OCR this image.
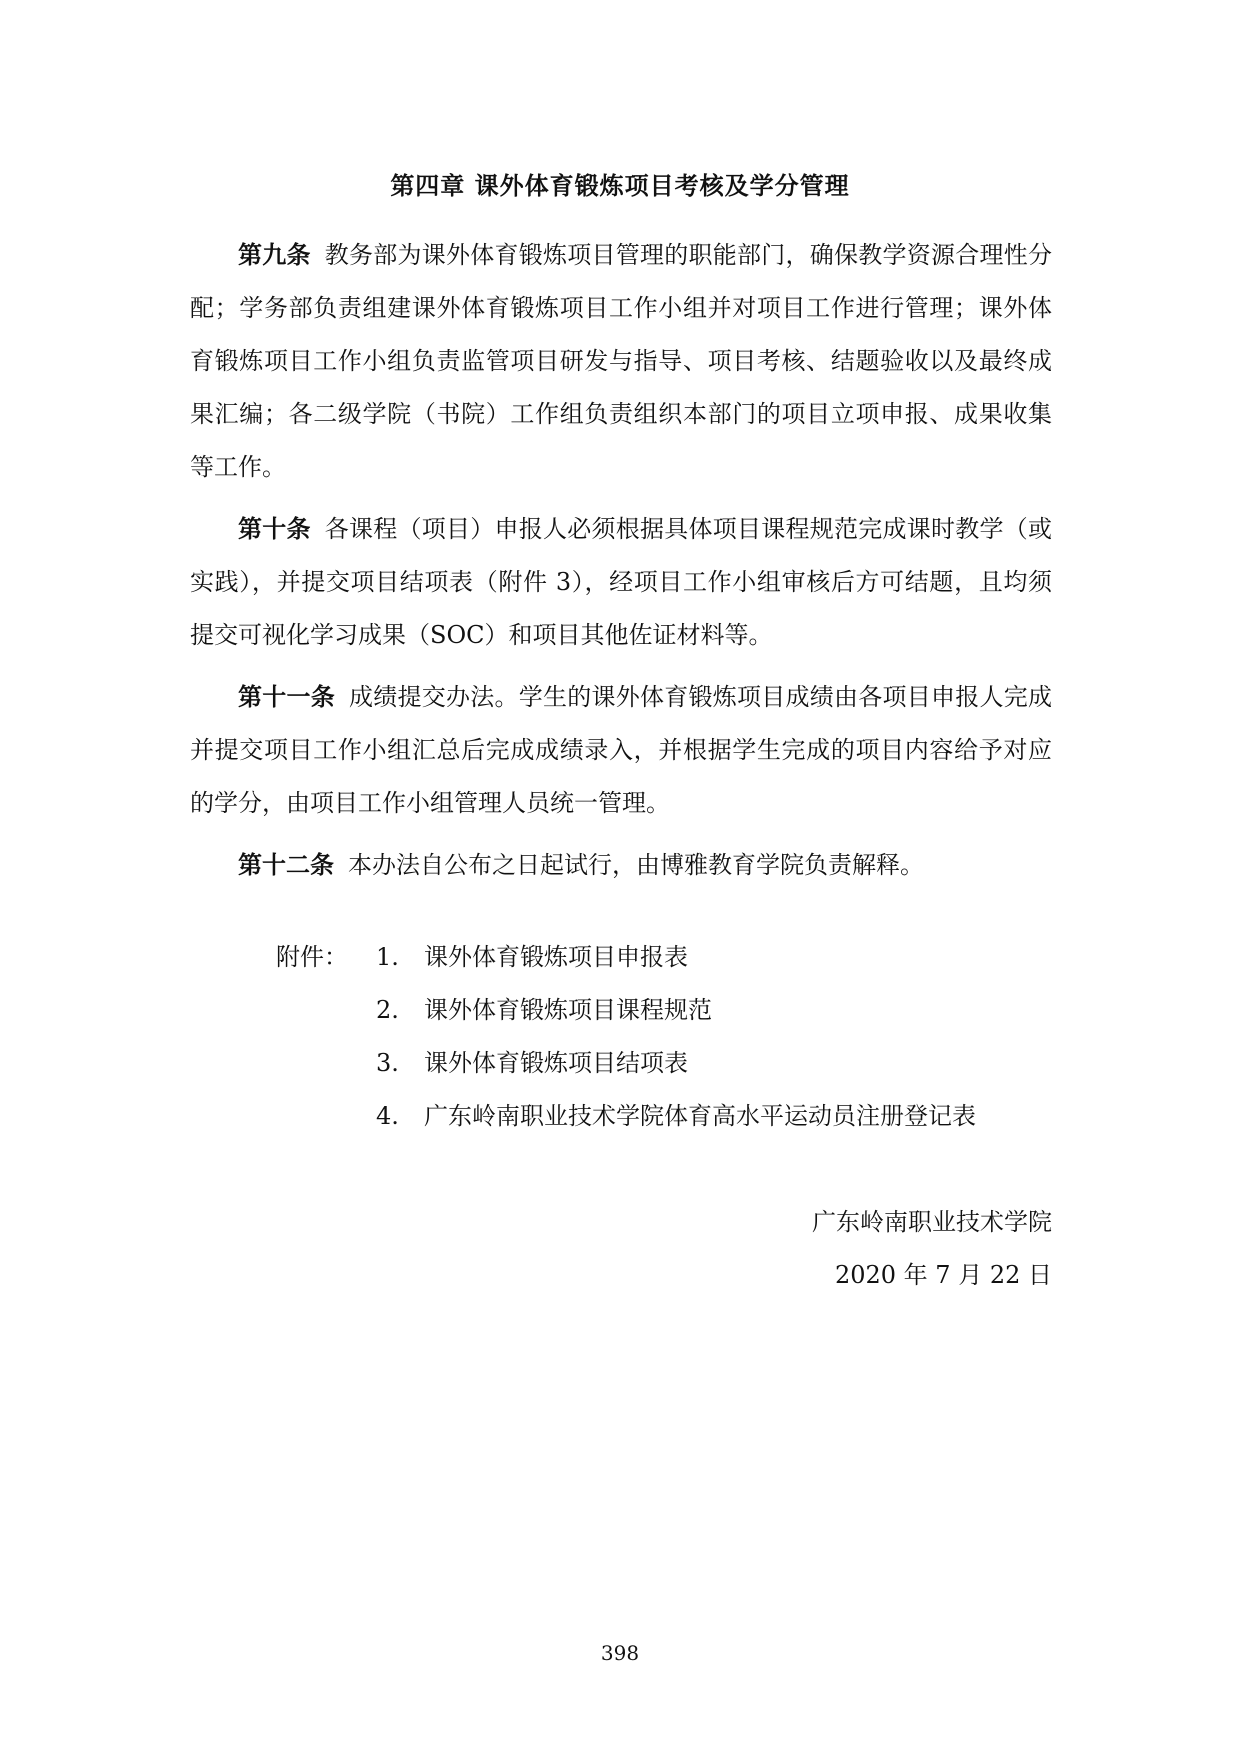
第四章 课外体育锻炼项目考核及学分管理

第九条 教务部为课外体育锻炼项目管理的职能部门，确保教学资源合理性分配；学务部负责组建课外体育锻炼项目工作小组并对项目工作进行管理；课外体育锻炼项目工作小组负责监管项目研发与指导、项目考核、结题验收以及最终成果汇编；各二级学院（书院）工作组负责组织本部门的项目立项申报、成果收集等工作。

第十条 各课程（项目）申报人必须根据具体项目课程规范完成课时教学（或实践），并提交项目结项表（附件 3），经项目工作小组审核后方可结题，且均须提交可视化学习成果（SOC）和项目其他佐证材料等。

第十一条 成绩提交办法。学生的课外体育锻炼项目成绩由各项目申报人完成并提交项目工作小组汇总后完成成绩录入，并根据学生完成的项目内容给予对应的学分，由项目工作小组管理人员统一管理。

第十二条 本办法自公布之日起试行，由博雅教育学院负责解释。

附件：	1.	课外体育锻炼项目申报表
2.	课外体育锻炼项目课程规范
3.	课外体育锻炼项目结项表
4.	广东岭南职业技术学院体育高水平运动员注册登记表
广东岭南职业技术学院
2020 年 7 月 22 日
398
